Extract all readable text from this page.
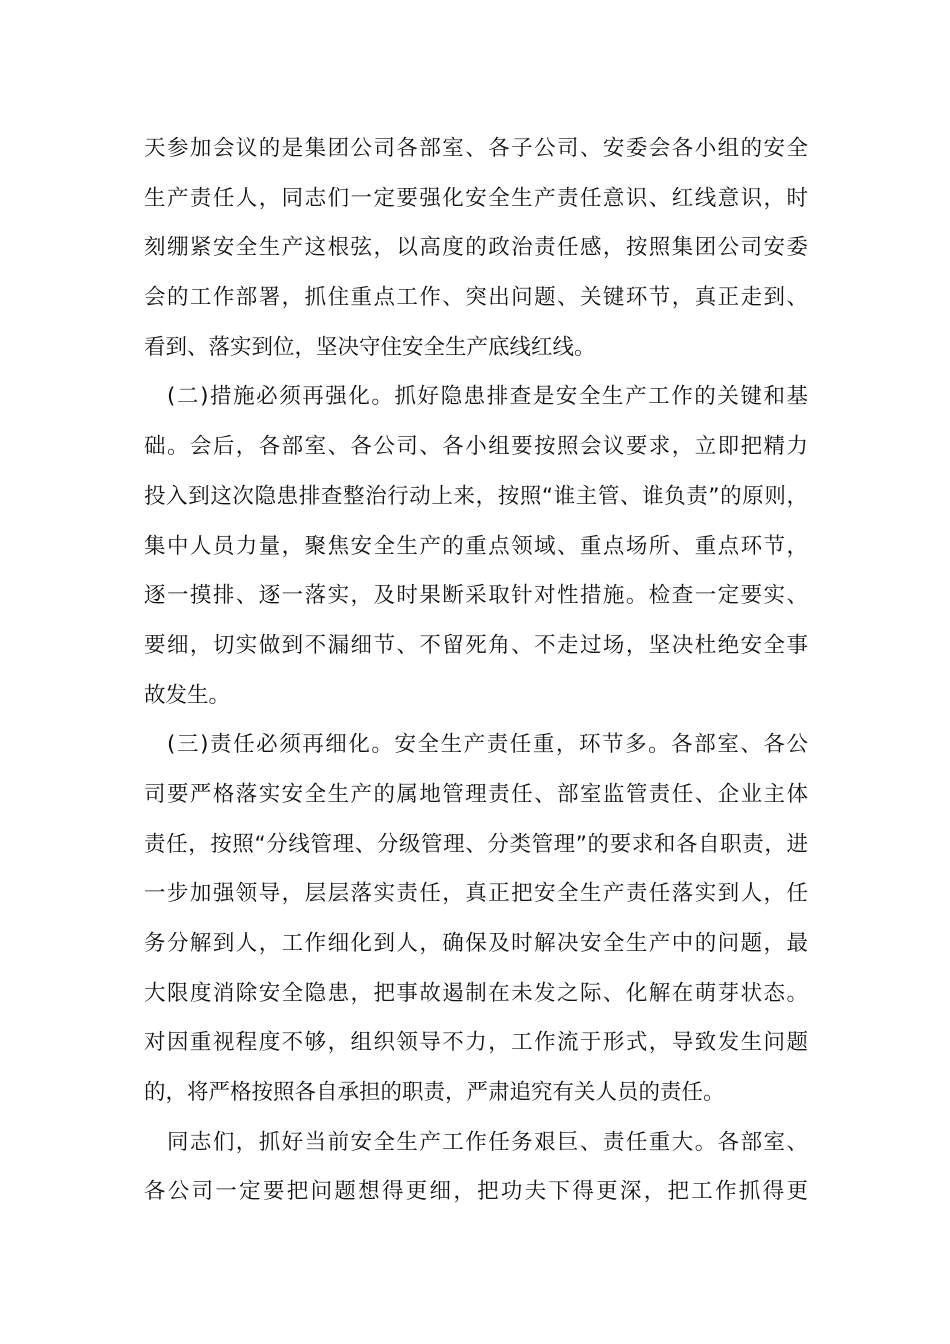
天参加会议的是集团公司各部室、各子公司、安委会各小组的安全
生产责任人，同志们一定要强化安全生产责任意识、红线意识，时
刻绷紧安全生产这根弦，以高度的政治责任感，按照集团公司安委
会的工作部署，抓住重点工作、突出问题、关键环节，真正走到、
看到、落实到位，坚决守住安全生产底线红线。
　(二)措施必须再强化。抓好隐患排查是安全生产工作的关键和基
础。会后，各部室、各公司、各小组要按照会议要求，立即把精力
投入到这次隐患排查整治行动上来，按照“谁主管、谁负责”的原则，
集中人员力量，聚焦安全生产的重点领域、重点场所、重点环节，
逐一摸排、逐一落实，及时果断采取针对性措施。检查一定要实、
要细，切实做到不漏细节、不留死角、不走过场，坚决杜绝安全事
故发生。
　(三)责任必须再细化。安全生产责任重，环节多。各部室、各公
司要严格落实安全生产的属地管理责任、部室监管责任、企业主体
责任，按照“分线管理、分级管理、分类管理”的要求和各自职责，进
一步加强领导，层层落实责任，真正把安全生产责任落实到人，任
务分解到人，工作细化到人，确保及时解决安全生产中的问题，最
大限度消除安全隐患，把事故遏制在未发之际、化解在萌芽状态。
对因重视程度不够，组织领导不力，工作流于形式，导致发生问题
的，将严格按照各自承担的职责，严肃追究有关人员的责任。
　同志们，抓好当前安全生产工作任务艰巨、责任重大。各部室、
各公司一定要把问题想得更细，把功夫下得更深，把工作抓得更
